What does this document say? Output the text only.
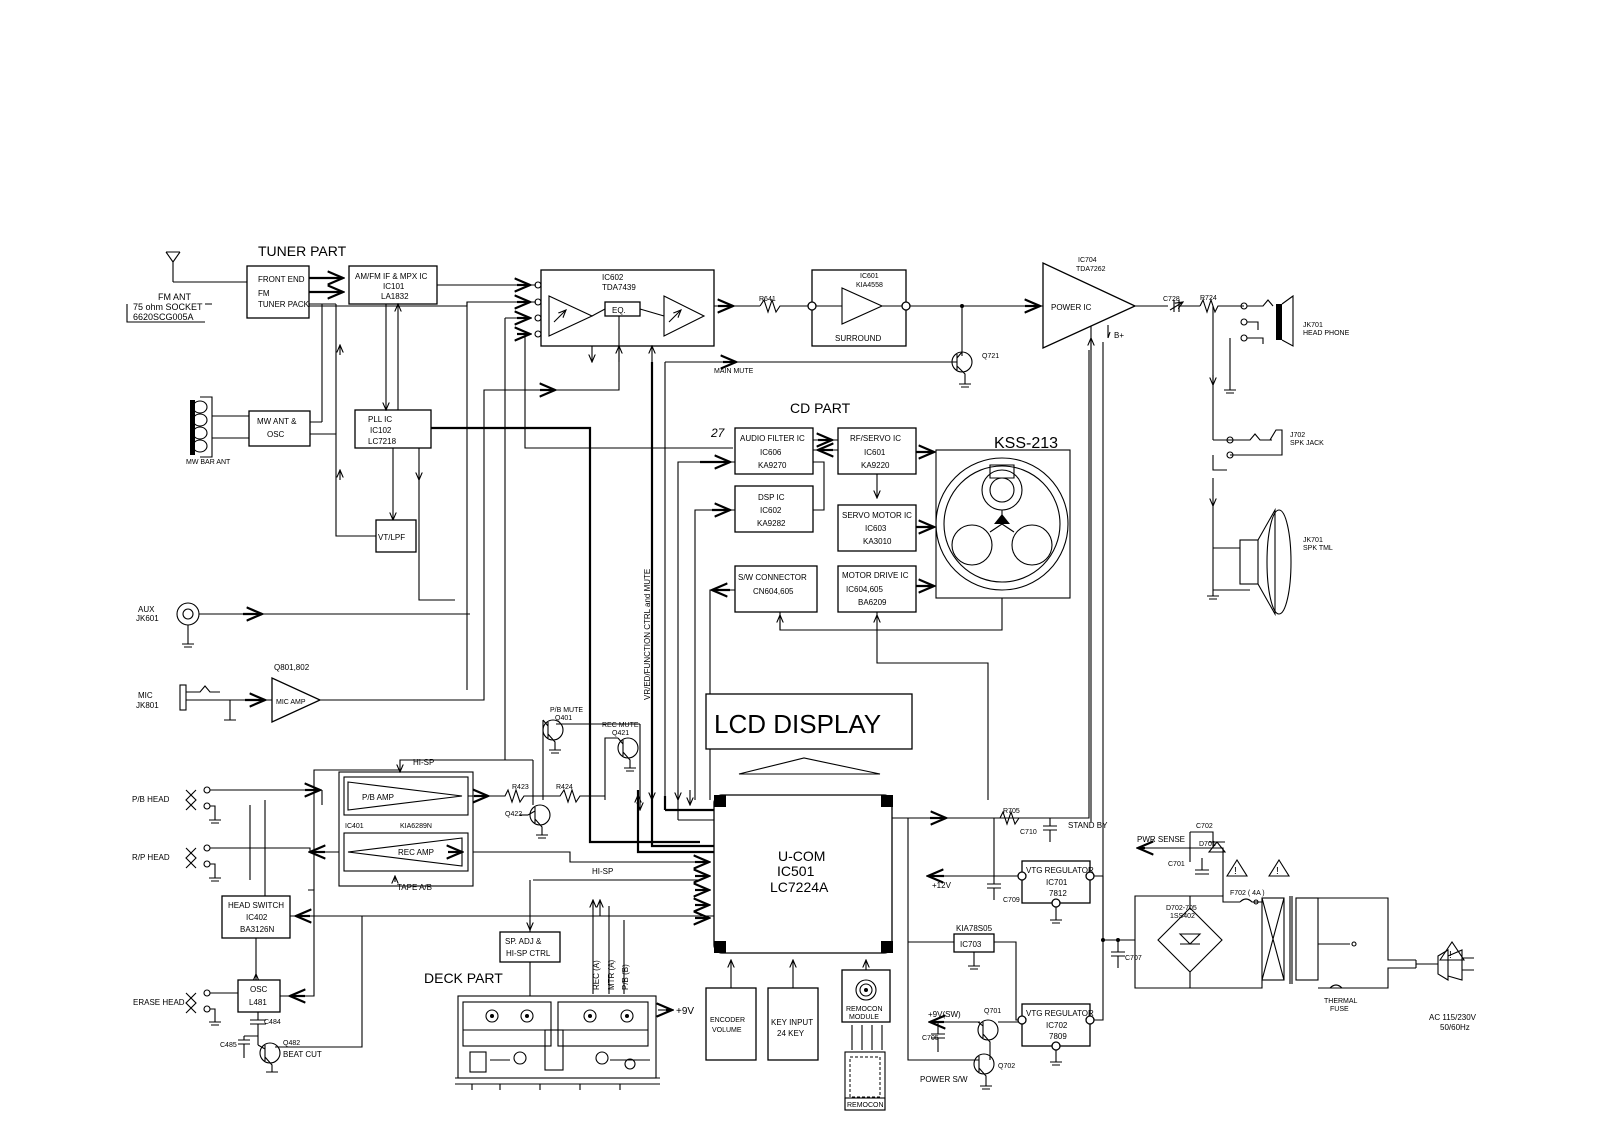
TUNER PART
FM ANT
75 ohm SOCKET
6620SCG005A
FRONT END
FM
TUNER PACK
AM/FM IF & MPX IC
IC101
LA1832
MW BAR ANT
MW ANT &
OSC
PLL IC
IC102
LC7218
VT/LPF
AUX
JK601
MIC
JK801
Q801,802
MIC AMP
IC602
TDA7439
EQ.
R641
IC601
KIA4558
SURROUND
Q721
MAIN MUTE
IC704
TDA7262
POWER IC
B+
C728	R724
JK701
HEAD PHONE
J702
SPK JACK
JK701
SPK TML
CD PART
27 AUDIO FILTER IC
IC606
KA9270
RF/SERVO IC
IC601
KA9220
DSP IC
IC602
KA9282
SERVO MOTOR IC
IC603
KA3010
S/W CONNECTOR
CN604,605
MOTOR DRIVE IC
IC604,605
BA6209
KSS-213
VR/ED/FUNCTION CTRL and MUTE
LCD DISPLAY
U-COM
IC501
LC7224A
ENCODER
VOLUME
KEY INPUT
24 KEY
REMOCON
MODULE
REMOCON
P/B MUTE
Q401
REC MUTE
Q421
HI-SP
P/B AMP
IC401	KIA6289N
REC AMP
R423	R424
Q422
TAPE A/B
HI-SP
P/B HEAD
R/P HEAD
HEAD SWITCH
IC402
BA3126N
ERASE HEAD
OSC
L481
C484
C485	Q482
BEAT CUT
DECK PART
SP. ADJ &
HI-SP CTRL
REC (A) MTR (A) P/B (B)
+9V
R705
C710
STAND BY
+12V
C709
VTG REGULATOR
IC701
7812
KIA78S05
IC703
+9V(SW)
C705
Q701
Q702
POWER S/W
VTG REGULATOR
IC702
7809
C707
PWR SENSE
C702
D701
C701
D702-705
1SS402
!	!
!
F702 ( 4A )
THERMAL
FUSE
AC 115/230V
50/60Hz
